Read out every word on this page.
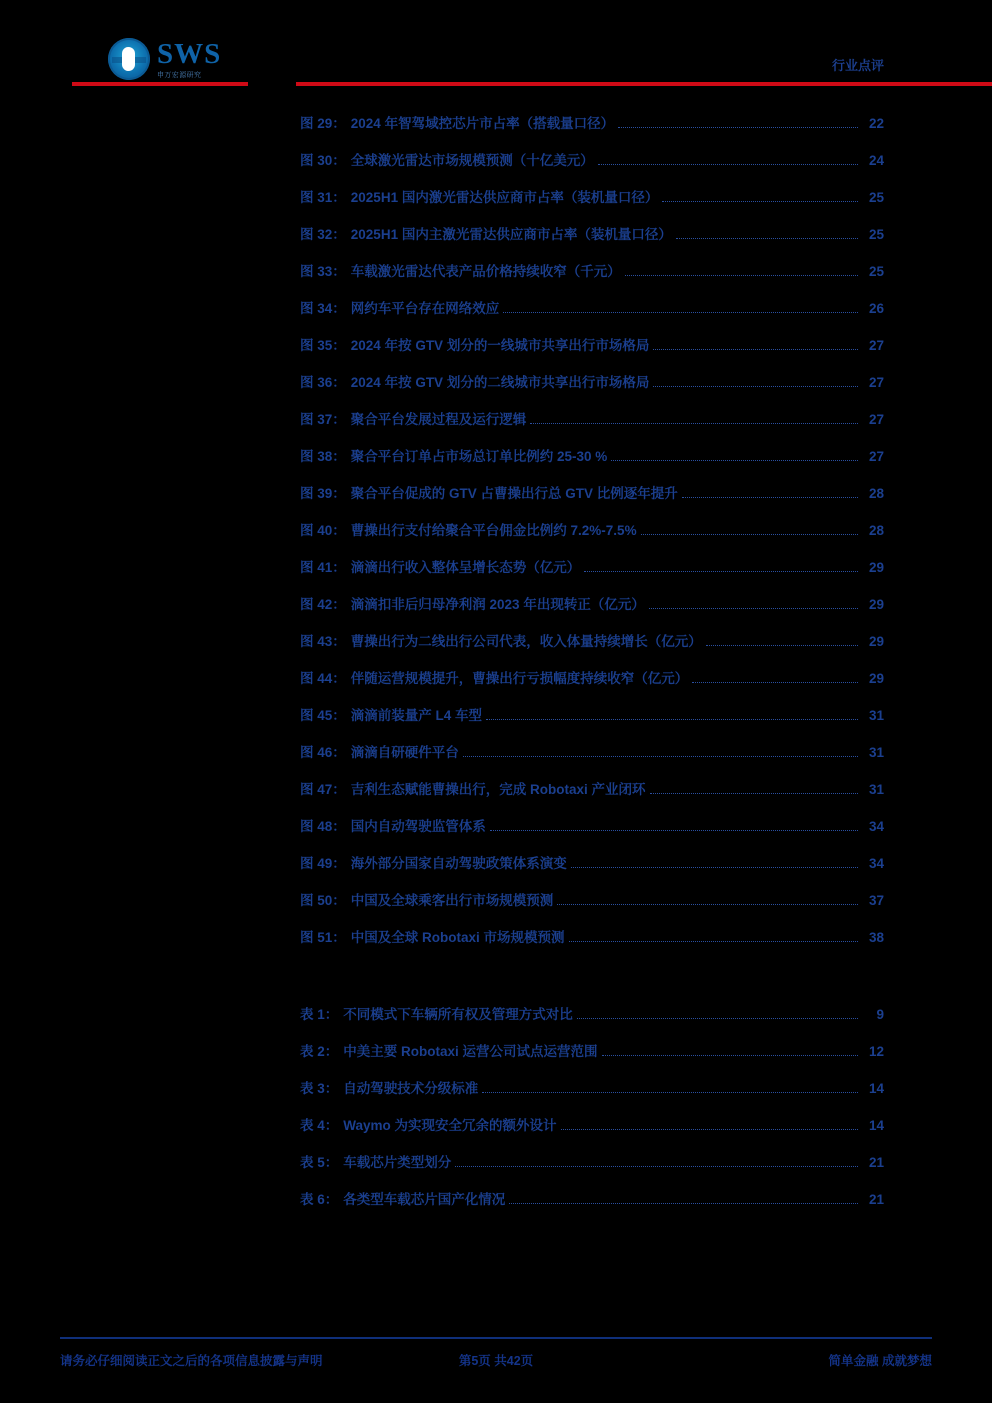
SWS
申万宏源研究
行业点评
图 29： 2024 年智驾域控芯片市占率（搭载量口径）	22
图 30： 全球激光雷达市场规模预测（十亿美元）	24
图 31： 2025H1 国内激光雷达供应商市占率（装机量口径）	25
图 32： 2025H1 国内主激光雷达供应商市占率（装机量口径）	25
图 33： 车载激光雷达代表产品价格持续收窄（千元）	25
图 34： 网约车平台存在网络效应	26
图 35： 2024 年按 GTV 划分的一线城市共享出行市场格局	27
图 36： 2024 年按 GTV 划分的二线城市共享出行市场格局	27
图 37： 聚合平台发展过程及运行逻辑	27
图 38： 聚合平台订单占市场总订单比例约 25-30 %	27
图 39： 聚合平台促成的 GTV 占曹操出行总 GTV 比例逐年提升	28
图 40： 曹操出行支付给聚合平台佣金比例约 7.2%-7.5%	28
图 41： 滴滴出行收入整体呈增长态势（亿元）	29
图 42： 滴滴扣非后归母净利润 2023 年出现转正（亿元）	29
图 43： 曹操出行为二线出行公司代表，收入体量持续增长（亿元）	29
图 44： 伴随运营规模提升，曹操出行亏损幅度持续收窄（亿元）	29
图 45： 滴滴前装量产 L4 车型	31
图 46： 滴滴自研硬件平台	31
图 47： 吉利生态赋能曹操出行，完成 Robotaxi 产业闭环	31
图 48： 国内自动驾驶监管体系	34
图 49： 海外部分国家自动驾驶政策体系演变	34
图 50： 中国及全球乘客出行市场规模预测	37
图 51： 中国及全球 Robotaxi 市场规模预测	38
表 1： 不同模式下车辆所有权及管理方式对比	9
表 2： 中美主要 Robotaxi 运营公司试点运营范围	12
表 3： 自动驾驶技术分级标准	14
表 4： Waymo 为实现安全冗余的额外设计	14
表 5： 车载芯片类型划分	21
表 6： 各类型车载芯片国产化情况	21
请务必仔细阅读正文之后的各项信息披露与声明	简单金融 成就梦想
第5页 共42页
